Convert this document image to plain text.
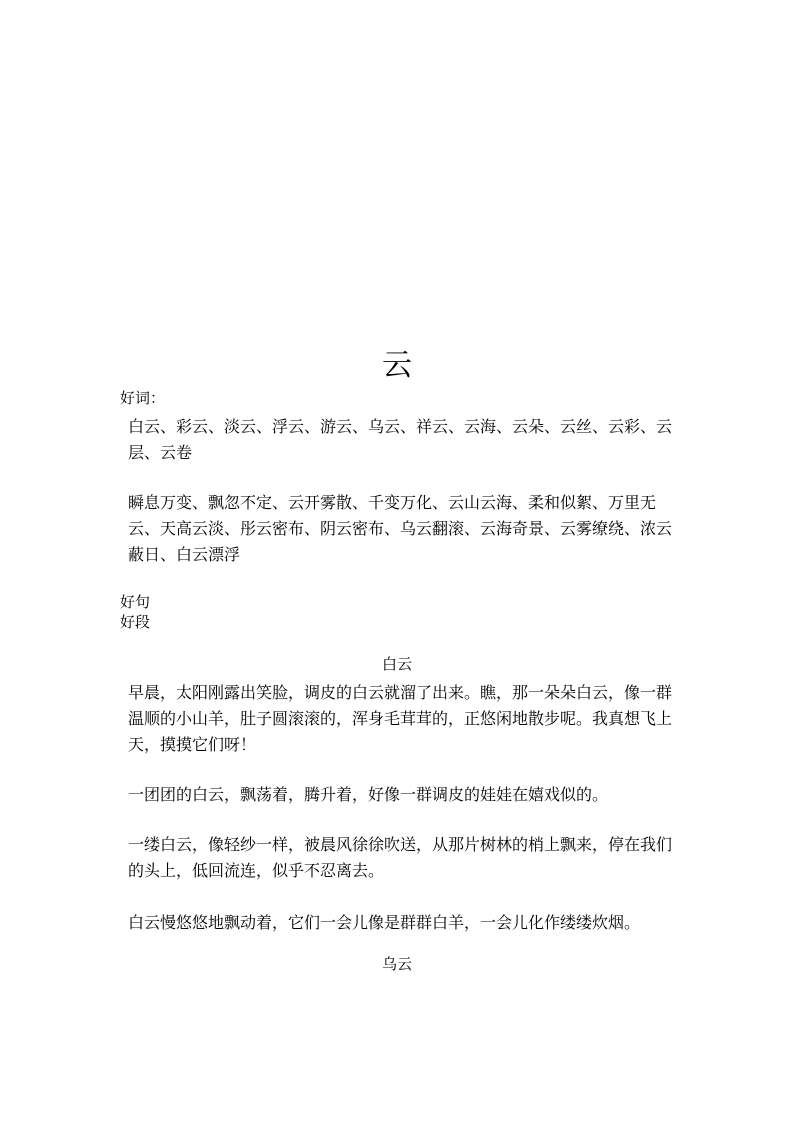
云
好词：

白云、彩云、淡云、浮云、游云、乌云、祥云、云海、云朵、云丝、云彩、云层、云卷

瞬息万变、飘忽不定、云开雾散、千变万化、云山云海、柔和似絮、万里无云、天高云淡、彤云密布、阴云密布、乌云翻滚、云海奇景、云雾缭绕、浓云蔽日、白云漂浮

好句
好段
白云

早晨，太阳刚露出笑脸，调皮的白云就溜了出来。瞧，那一朵朵白云，像一群温顺的小山羊，肚子圆滚滚的，浑身毛茸茸的，正悠闲地散步呢。我真想飞上天，摸摸它们呀！

一团团的白云，飘荡着，腾升着，好像一群调皮的娃娃在嬉戏似的。

一缕白云，像轻纱一样，被晨风徐徐吹送，从那片树林的梢上飘来，停在我们的头上，低回流连，似乎不忍离去。

白云慢悠悠地飘动着，它们一会儿像是群群白羊，一会儿化作缕缕炊烟。

乌云
